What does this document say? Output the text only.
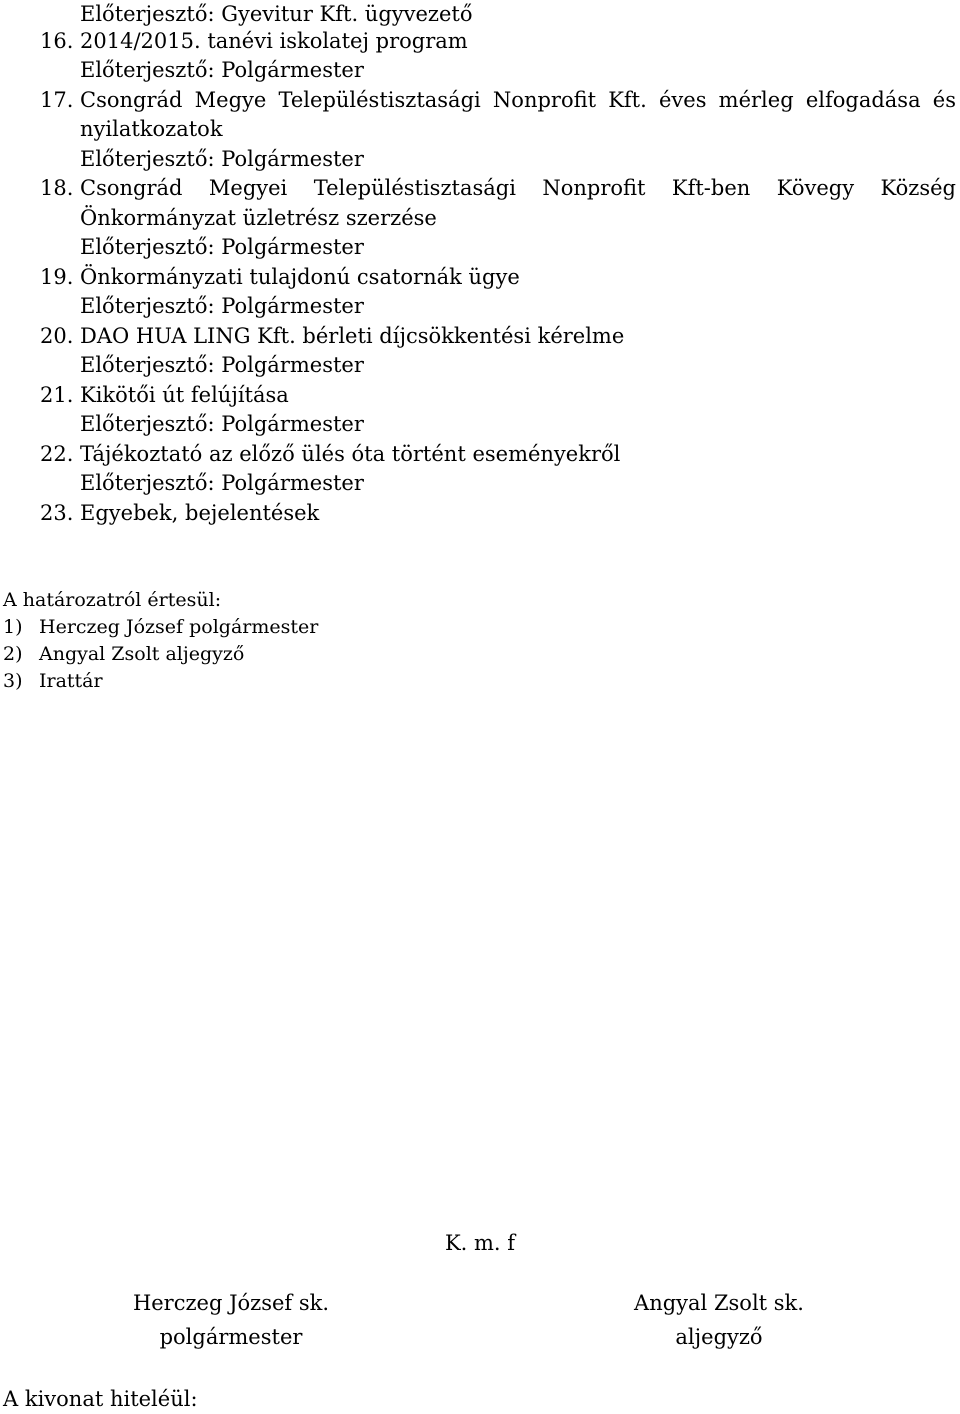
Előterjesztő: Gyevitur Kft. ügyvezető
16. 2014/2015. tanévi iskolatej program
Előterjesztő: Polgármester
17. Csongrád Megye Településtisztasági Nonprofit Kft. éves mérleg elfogadása és
nyilatkozatok
Előterjesztő: Polgármester
18. Csongrád Megyei Településtisztasági Nonprofit Kft-ben Kövegy Község
Önkormányzat üzletrész szerzése
Előterjesztő: Polgármester
19. Önkormányzati tulajdonú csatornák ügye
Előterjesztő: Polgármester
20. DAO HUA LING Kft. bérleti díjcsökkentési kérelme
Előterjesztő: Polgármester
21. Kikötői út felújítása
Előterjesztő: Polgármester
22. Tájékoztató az előző ülés óta történt eseményekről
Előterjesztő: Polgármester
23. Egyebek, bejelentések
A határozatról értesül:
1) Herczeg József polgármester
2) Angyal Zsolt aljegyző
3) Irattár
K. m. f
Herczeg József sk.
polgármester
Angyal Zsolt sk.
aljegyző
A kivonat hiteléül:
